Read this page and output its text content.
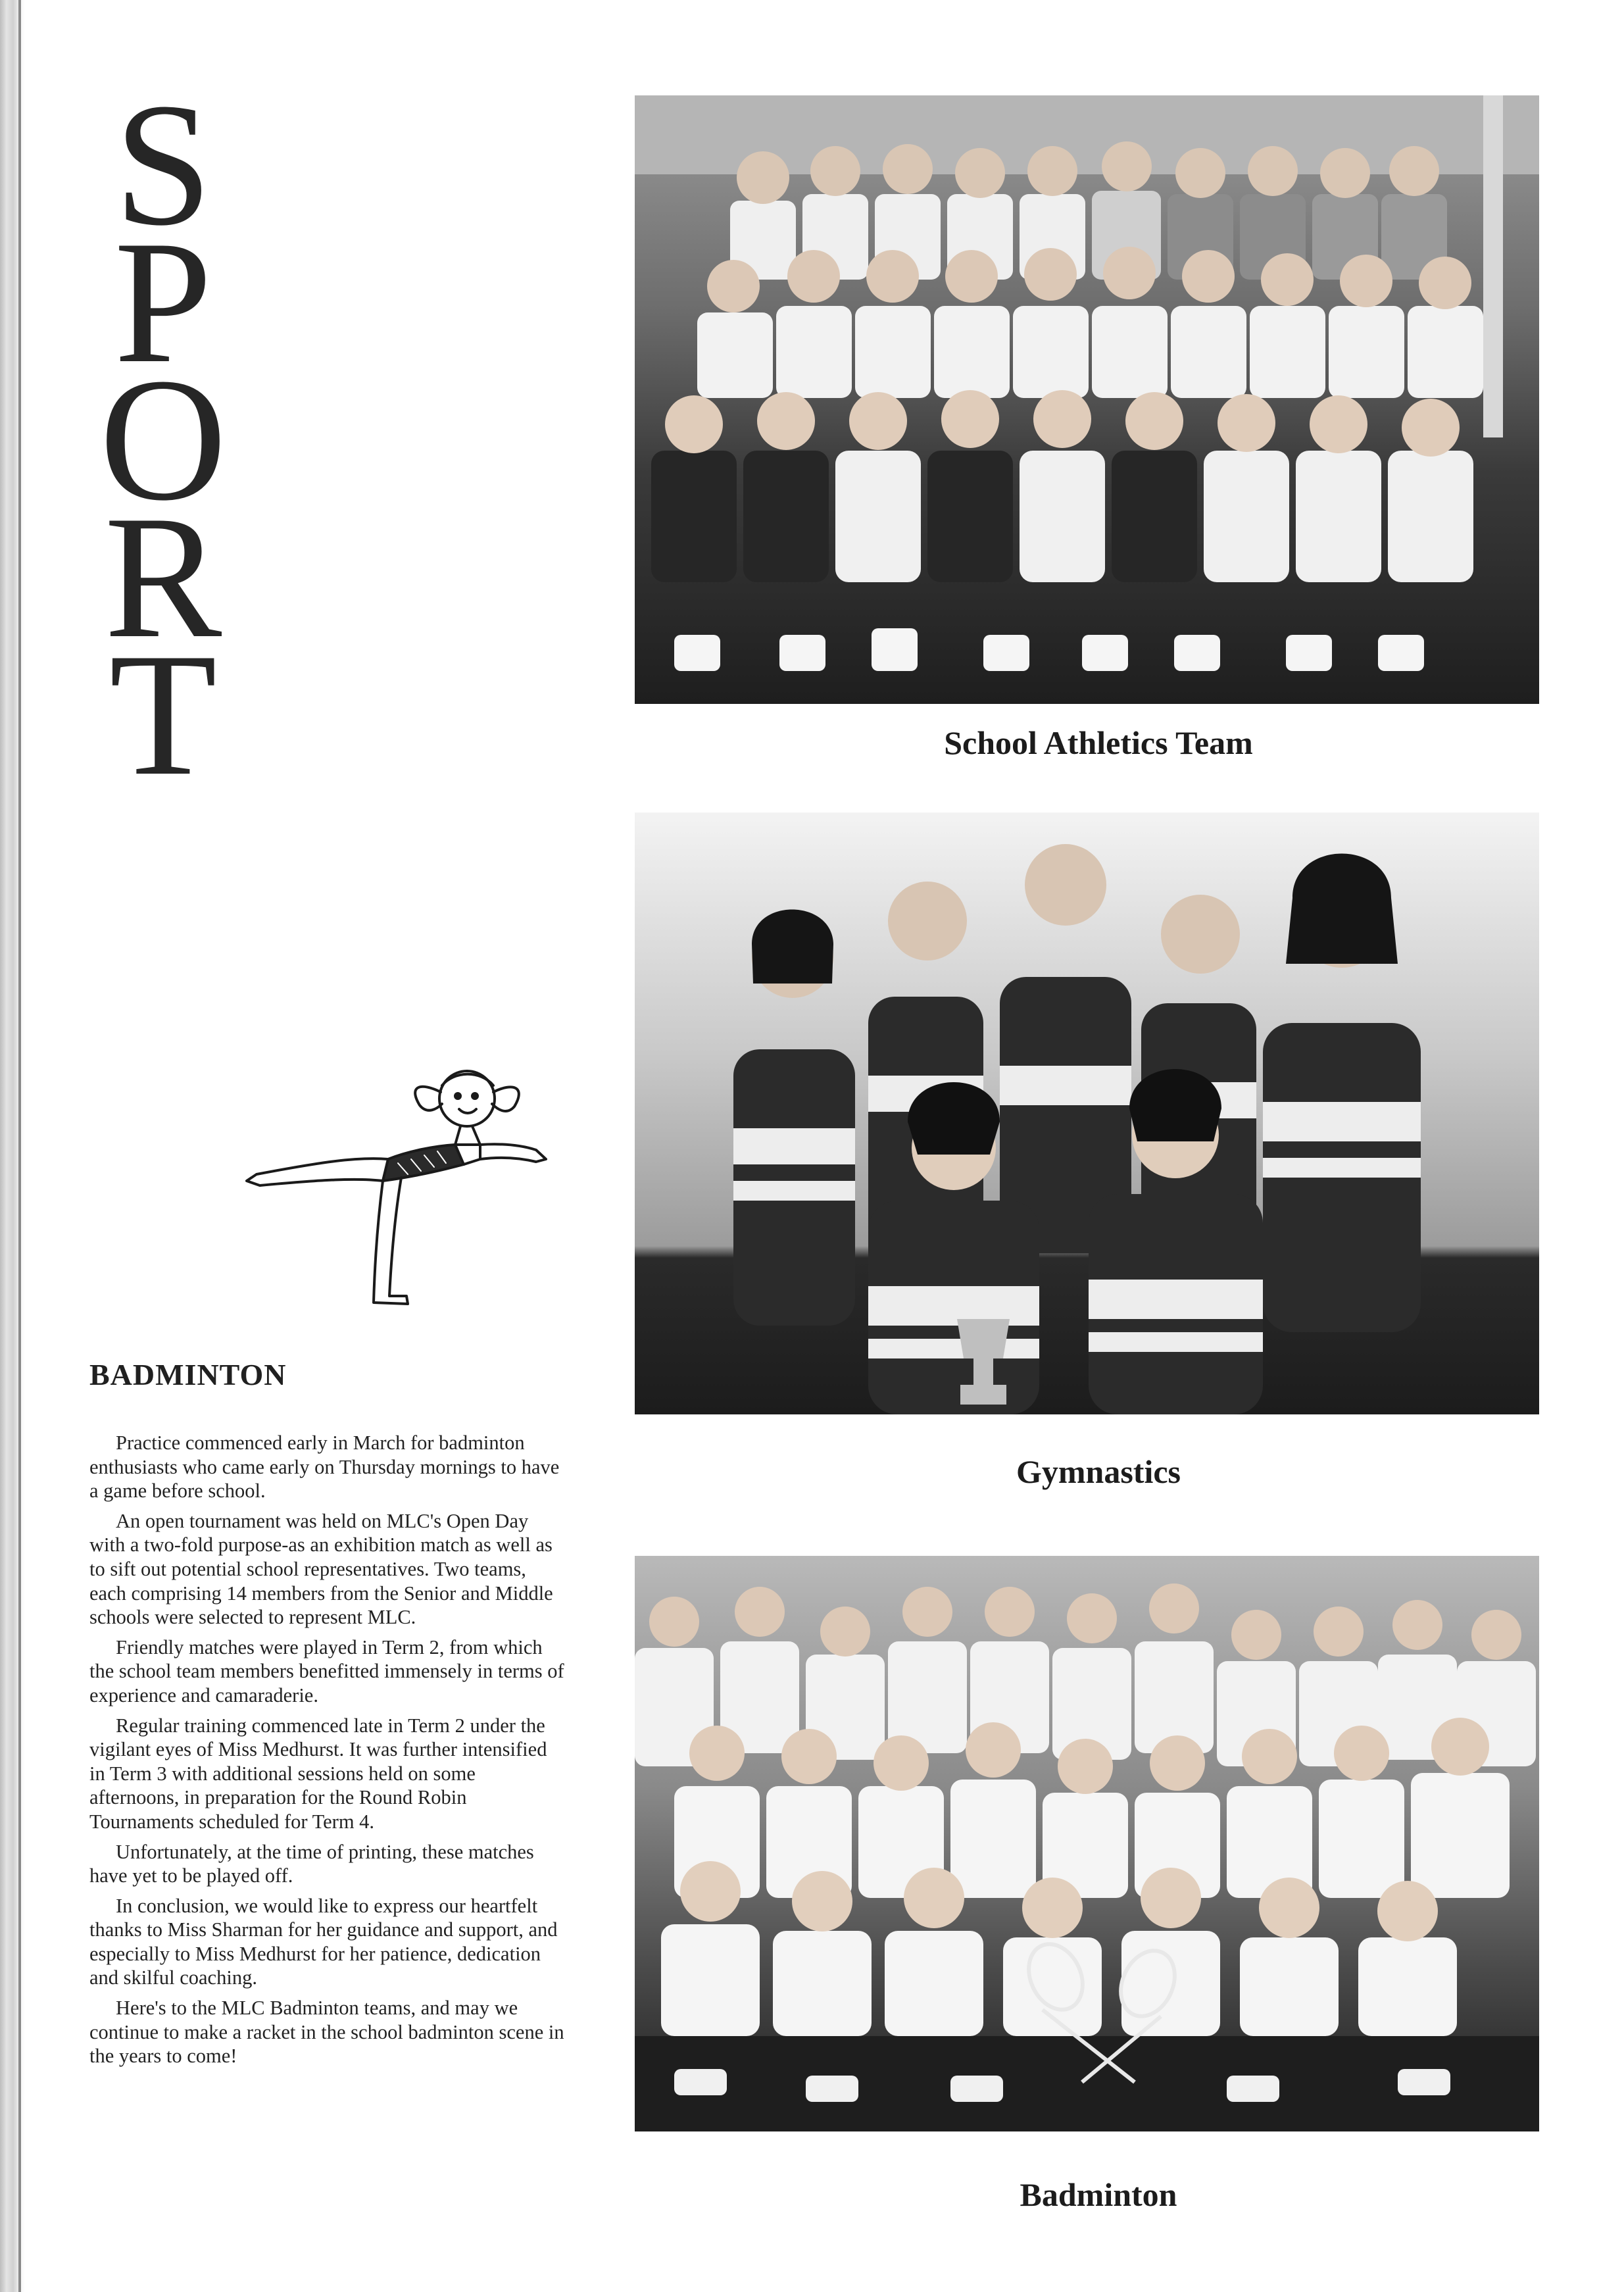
S
P
O
R
T
BADMINTON

Practice commenced early in March for badminton enthusiasts who came early on Thursday mornings to have a game before school.

An open tournament was held on MLC's Open Day with a two-fold purpose-as an exhibition match as well as to sift out potential school representatives. Two teams, each comprising 14 members from the Senior and Middle schools were selected to represent MLC.

Friendly matches were played in Term 2, from which the school team members benefitted immensely in terms of experience and camaraderie.

Regular training commenced late in Term 2 under the vigilant eyes of Miss Medhurst. It was further intensified in Term 3 with additional sessions held on some afternoons, in preparation for the Round Robin Tournaments scheduled for Term 4.

Unfortunately, at the time of printing, these matches have yet to be played off.

In conclusion, we would like to express our heartfelt thanks to Miss Sharman for her guidance and support, and especially to Miss Medhurst for her patience, dedication and skilful coaching.

Here's to the MLC Badminton teams, and may we continue to make a racket in the school badminton scene in the years to come!

School Athletics Team

Gymnastics

Badminton
